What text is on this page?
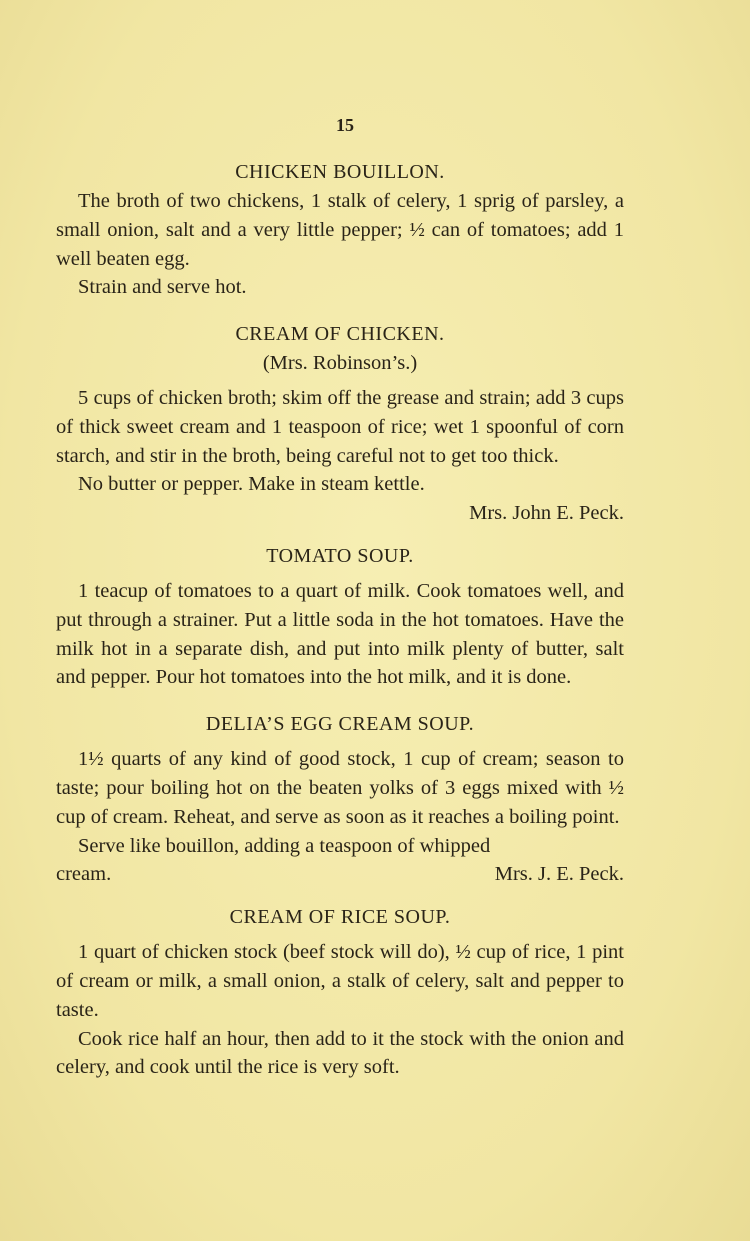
15

CHICKEN BOUILLON.

The broth of two chickens, 1 stalk of celery, 1 sprig of parsley, a small onion, salt and a very little pepper; ½ can of tomatoes; add 1 well beaten egg.

Strain and serve hot.

CREAM OF CHICKEN.

(Mrs. Robinson’s.)

5 cups of chicken broth; skim off the grease and strain; add 3 cups of thick sweet cream and 1 teaspoon of rice; wet 1 spoonful of corn starch, and stir in the broth, being careful not to get too thick.

No butter or pepper. Make in steam kettle.

Mrs. John E. Peck.

TOMATO SOUP.

1 teacup of tomatoes to a quart of milk. Cook tomatoes well, and put through a strainer. Put a little soda in the hot tomatoes. Have the milk hot in a separate dish, and put into milk plenty of butter, salt and pepper. Pour hot tomatoes into the hot milk, and it is done.

DELIA’S EGG CREAM SOUP.

1½ quarts of any kind of good stock, 1 cup of cream; season to taste; pour boiling hot on the beaten yolks of 3 eggs mixed with ½ cup of cream. Reheat, and serve as soon as it reaches a boiling point.

Serve like bouillon, adding a teaspoon of whipped

cream.	Mrs. J. E. Peck.

CREAM OF RICE SOUP.

1 quart of chicken stock (beef stock will do), ½ cup of rice, 1 pint of cream or milk, a small onion, a stalk of celery, salt and pepper to taste.

Cook rice half an hour, then add to it the stock with the onion and celery, and cook until the rice is very soft.
